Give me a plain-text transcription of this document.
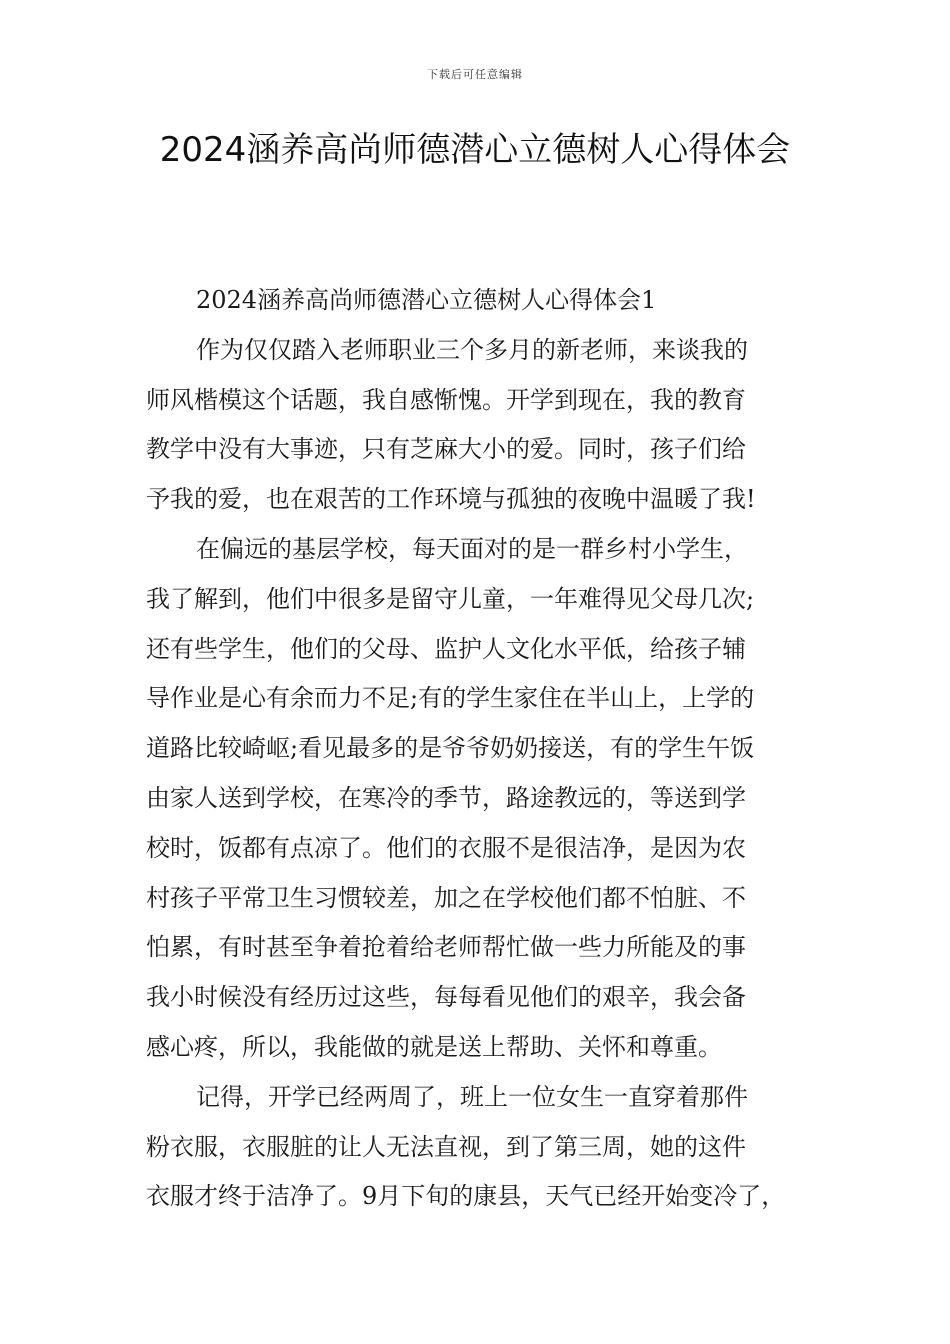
下载后可任意编辑
2024涵养高尚师德潜心立德树人心得体会
2024涵养高尚师德潜心立德树人心得体会1
作为仅仅踏入老师职业三个多月的新老师，来谈我的
师风楷模这个话题，我自感惭愧。开学到现在，我的教育
教学中没有大事迹，只有芝麻大小的爱。同时，孩子们给
予我的爱，也在艰苦的工作环境与孤独的夜晚中温暖了我!
在偏远的基层学校，每天面对的是一群乡村小学生，
我了解到，他们中很多是留守儿童，一年难得见父母几次;
还有些学生，他们的父母、监护人文化水平低，给孩子辅
导作业是心有余而力不足;有的学生家住在半山上，上学的
道路比较崎岖;看见最多的是爷爷奶奶接送，有的学生午饭
由家人送到学校，在寒冷的季节，路途教远的，等送到学
校时，饭都有点凉了。他们的衣服不是很洁净，是因为农
村孩子平常卫生习惯较差，加之在学校他们都不怕脏、不
怕累，有时甚至争着抢着给老师帮忙做一些力所能及的事
我小时候没有经历过这些，每每看见他们的艰辛，我会备
感心疼，所以，我能做的就是送上帮助、关怀和尊重。
记得，开学已经两周了，班上一位女生一直穿着那件
粉衣服，衣服脏的让人无法直视，到了第三周，她的这件
衣服才终于洁净了。9月下旬的康县，天气已经开始变冷了，
